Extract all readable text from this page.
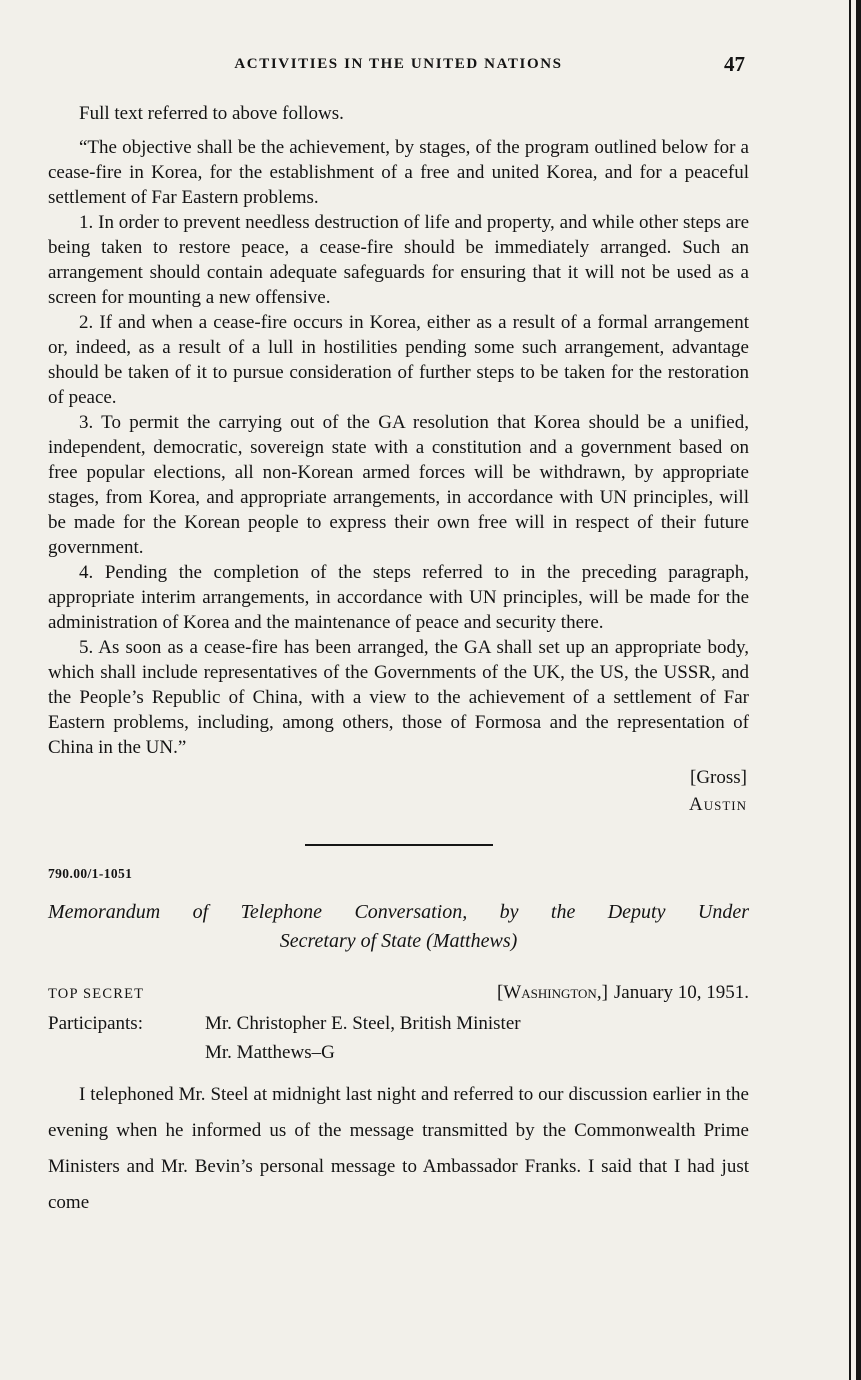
ACTIVITIES IN THE UNITED NATIONS	47

Full text referred to above follows.

“The objective shall be the achievement, by stages, of the program outlined below for a cease-fire in Korea, for the establishment of a free and united Korea, and for a peaceful settlement of Far Eastern problems.

1. In order to prevent needless destruction of life and property, and while other steps are being taken to restore peace, a cease-fire should be immediately arranged. Such an arrangement should contain adequate safeguards for ensuring that it will not be used as a screen for mounting a new offensive.

2. If and when a cease-fire occurs in Korea, either as a result of a formal arrangement or, indeed, as a result of a lull in hostilities pending some such arrangement, advantage should be taken of it to pursue consideration of further steps to be taken for the restoration of peace.

3. To permit the carrying out of the GA resolution that Korea should be a unified, independent, democratic, sovereign state with a constitution and a government based on free popular elections, all non-Korean armed forces will be withdrawn, by appropriate stages, from Korea, and appropriate arrangements, in accordance with UN principles, will be made for the Korean people to express their own free will in respect of their future government.

4. Pending the completion of the steps referred to in the preceding paragraph, appropriate interim arrangements, in accordance with UN principles, will be made for the administration of Korea and the maintenance of peace and security there.

5. As soon as a cease-fire has been arranged, the GA shall set up an appropriate body, which shall include representatives of the Governments of the UK, the US, the USSR, and the People’s Republic of China, with a view to the achievement of a settlement of Far Eastern problems, including, among others, those of Formosa and the representation of China in the UN.”

[Gross]
Austin
790.00/1-1051
Memorandum of Telephone Conversation, by the Deputy Under
Secretary of State (Matthews)
TOP SECRET	[Washington,] January 10, 1951.
Participants:	Mr. Christopher E. Steel, British Minister
Mr. Matthews–G

I telephoned Mr. Steel at midnight last night and referred to our discussion earlier in the evening when he informed us of the message transmitted by the Commonwealth Prime Ministers and Mr. Bevin’s personal message to Ambassador Franks. I said that I had just come
